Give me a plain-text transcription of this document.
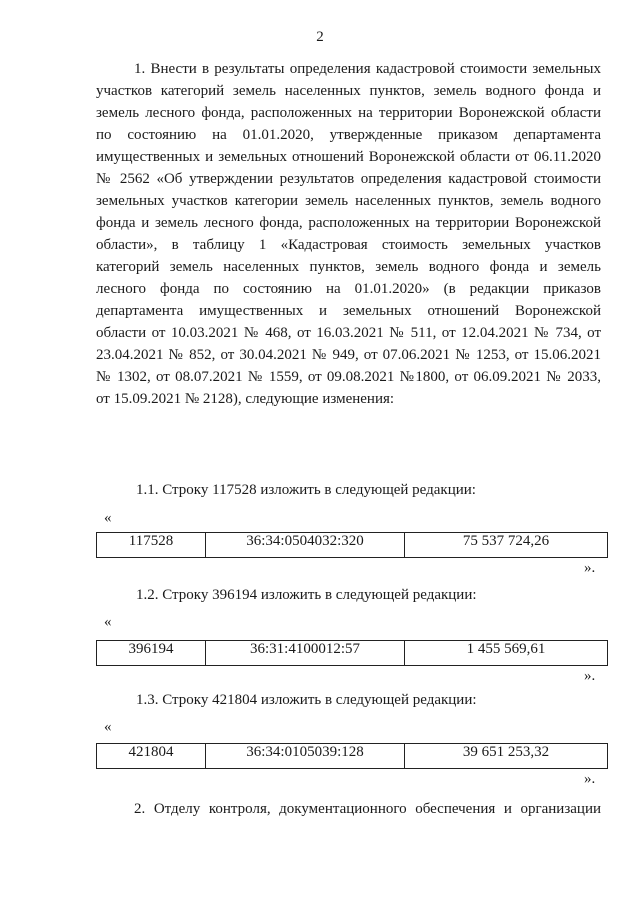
2
1. Внести в результаты определения кадастровой стоимости земельных
участков категорий земель населенных пунктов, земель водного фонда и
земель лесного фонда, расположенных на территории Воронежской области
по состоянию на 01.01.2020, утвержденные приказом департамента
имущественных и земельных отношений Воронежской области от 06.11.2020
№ 2562 «Об утверждении результатов определения кадастровой стоимости
земельных участков категории земель населенных пунктов, земель водного
фонда и земель лесного фонда, расположенных на территории Воронежской
области», в таблицу 1 «Кадастровая стоимость земельных участков
категорий земель населенных пунктов, земель водного фонда и земель
лесного фонда по состоянию на 01.01.2020» (в редакции приказов
департамента имущественных и земельных отношений Воронежской
области от 10.03.2021 № 468, от 16.03.2021 № 511, от 12.04.2021 № 734, от
23.04.2021 № 852, от 30.04.2021 № 949, от 07.06.2021 № 1253, от 15.06.2021
№ 1302, от 08.07.2021 № 1559, от 09.08.2021 №1800, от 06.09.2021 № 2033,
от 15.09.2021 № 2128), следующие изменения:
1.1. Строку 117528 изложить в следующей редакции:
«
117528	36:34:0504032:320	75 537 724,26
».
1.2. Строку 396194 изложить в следующей редакции:
«
396194	36:31:4100012:57	1 455 569,61
».
1.3. Строку 421804 изложить в следующей редакции:
«
421804	36:34:0105039:128	39 651 253,32
».
2. Отделу контроля, документационного обеспечения и организации
